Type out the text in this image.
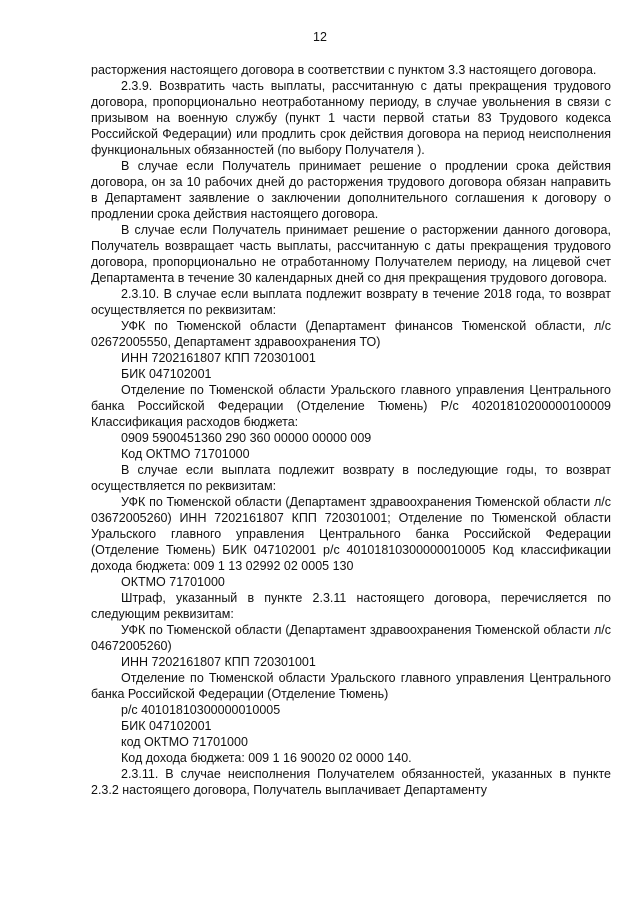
12

расторжения настоящего договора в соответствии с пунктом 3.3 настоящего договора.

2.3.9. Возвратить часть выплаты, рассчитанную с даты прекращения трудового договора, пропорционально неотработанному периоду, в случае увольнения в связи с призывом на военную службу (пункт 1 части первой статьи 83 Трудового кодекса Российской Федерации) или продлить срок действия договора на период неисполнения функциональных обязанностей (по выбору Получателя ).

В случае если Получатель принимает решение о продлении срока действия договора, он за 10 рабочих дней до расторжения трудового договора обязан направить в Департамент заявление о заключении дополнительного соглашения к договору о продлении срока действия настоящего договора.

В случае если Получатель принимает решение о расторжении данного договора, Получатель возвращает часть выплаты, рассчитанную с даты прекращения трудового договора, пропорционально не отработанному Получателем периоду, на лицевой счет Департамента в течение 30 календарных дней со дня прекращения трудового договора.

2.3.10. В случае если выплата подлежит возврату в течение 2018 года, то возврат осуществляется по реквизитам:

УФК по Тюменской области (Департамент финансов Тюменской области, л/с 02672005550, Департамент здравоохранения ТО)

ИНН 7202161807 КПП 720301001

БИК 047102001

Отделение по Тюменской области Уральского главного управления Центрального банка Российской Федерации (Отделение Тюмень) Р/с 40201810200000100009 Классификация расходов бюджета:

0909 5900451360 290 360 00000 00000 009

Код ОКТМО 71701000

В случае если выплата подлежит возврату в последующие годы, то возврат осуществляется по реквизитам:

УФК по Тюменской области (Департамент здравоохранения Тюменской области л/с 03672005260) ИНН 7202161807 КПП 720301001; Отделение по Тюменской области Уральского главного управления Центрального банка Российской Федерации (Отделение Тюмень) БИК 047102001 р/с 40101810300000010005 Код классификации дохода бюджета: 009 1 13 02992 02 0005 130

ОКТМО 71701000

Штраф, указанный в пункте 2.3.11 настоящего договора, перечисляется по следующим реквизитам:

УФК по Тюменской области (Департамент здравоохранения Тюменской области л/с 04672005260)

ИНН 7202161807 КПП 720301001

Отделение по Тюменской области Уральского главного управления Центрального банка Российской Федерации (Отделение Тюмень)

р/с 40101810300000010005

БИК 047102001

код ОКТМО 71701000

Код дохода бюджета: 009 1 16 90020 02 0000 140.

2.3.11. В случае неисполнения Получателем обязанностей, указанных в пункте 2.3.2 настоящего договора, Получатель выплачивает Департаменту
